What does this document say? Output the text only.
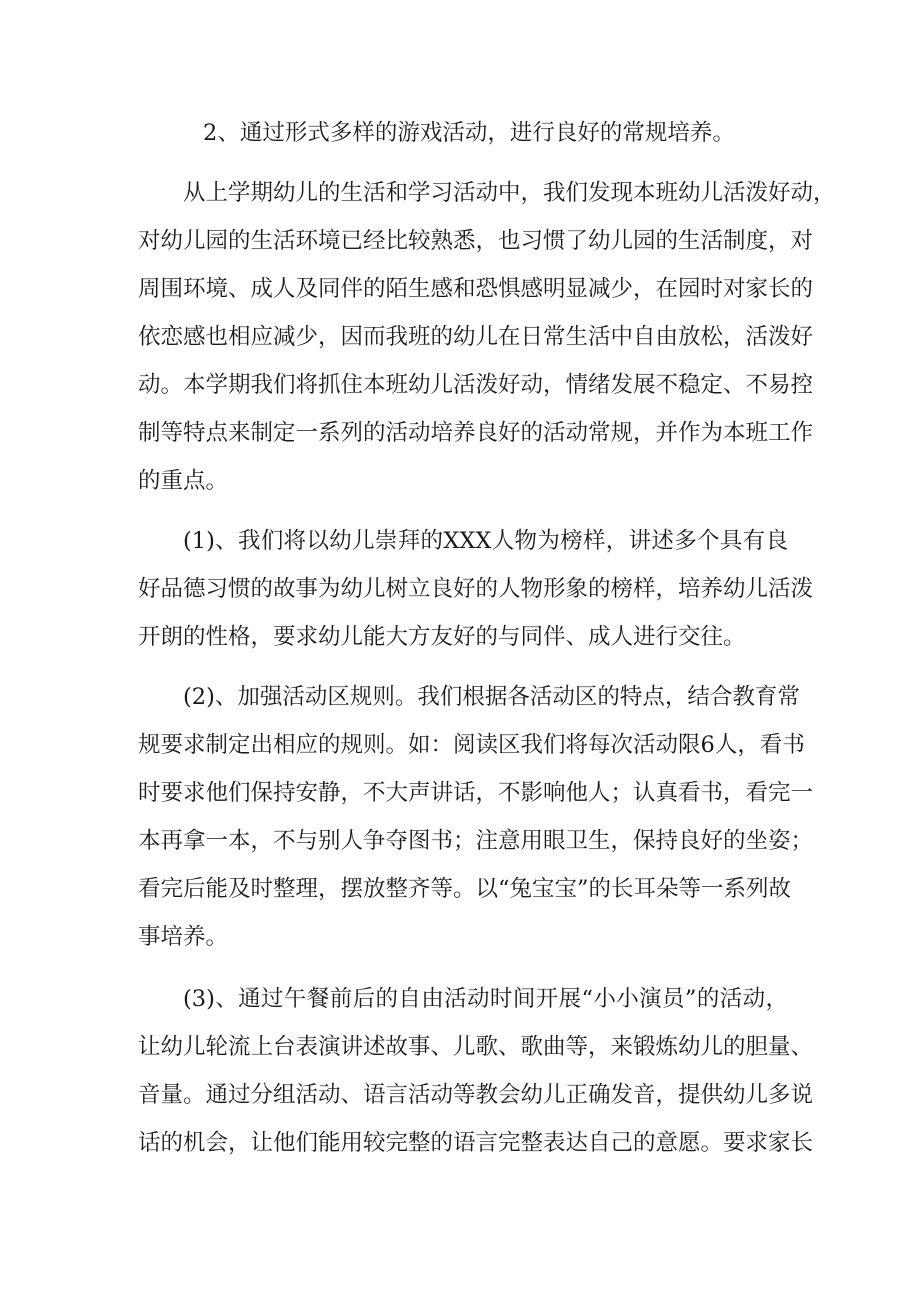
2、通过形式多样的游戏活动，进行良好的常规培养。
从上学期幼儿的生活和学习活动中，我们发现本班幼儿活泼好动，
对幼儿园的生活环境已经比较熟悉，也习惯了幼儿园的生活制度，对
周围环境、成人及同伴的陌生感和恐惧感明显减少，在园时对家长的
依恋感也相应减少，因而我班的幼儿在日常生活中自由放松，活泼好
动。本学期我们将抓住本班幼儿活泼好动，情绪发展不稳定、不易控
制等特点来制定一系列的活动培养良好的活动常规，并作为本班工作
的重点。
(1)、我们将以幼儿崇拜的XXX人物为榜样，讲述多个具有良
好品德习惯的故事为幼儿树立良好的人物形象的榜样，培养幼儿活泼
开朗的性格，要求幼儿能大方友好的与同伴、成人进行交往。
(2)、加强活动区规则。我们根据各活动区的特点，结合教育常
规要求制定出相应的规则。如：阅读区我们将每次活动限6人，看书
时要求他们保持安静，不大声讲话，不影响他人；认真看书，看完一
本再拿一本，不与别人争夺图书；注意用眼卫生，保持良好的坐姿；
看完后能及时整理，摆放整齐等。以“兔宝宝”的长耳朵等一系列故
事培养。
(3)、通过午餐前后的自由活动时间开展“小小演员”的活动，
让幼儿轮流上台表演讲述故事、儿歌、歌曲等，来锻炼幼儿的胆量、
音量。通过分组活动、语言活动等教会幼儿正确发音，提供幼儿多说
话的机会，让他们能用较完整的语言完整表达自己的意愿。要求家长
